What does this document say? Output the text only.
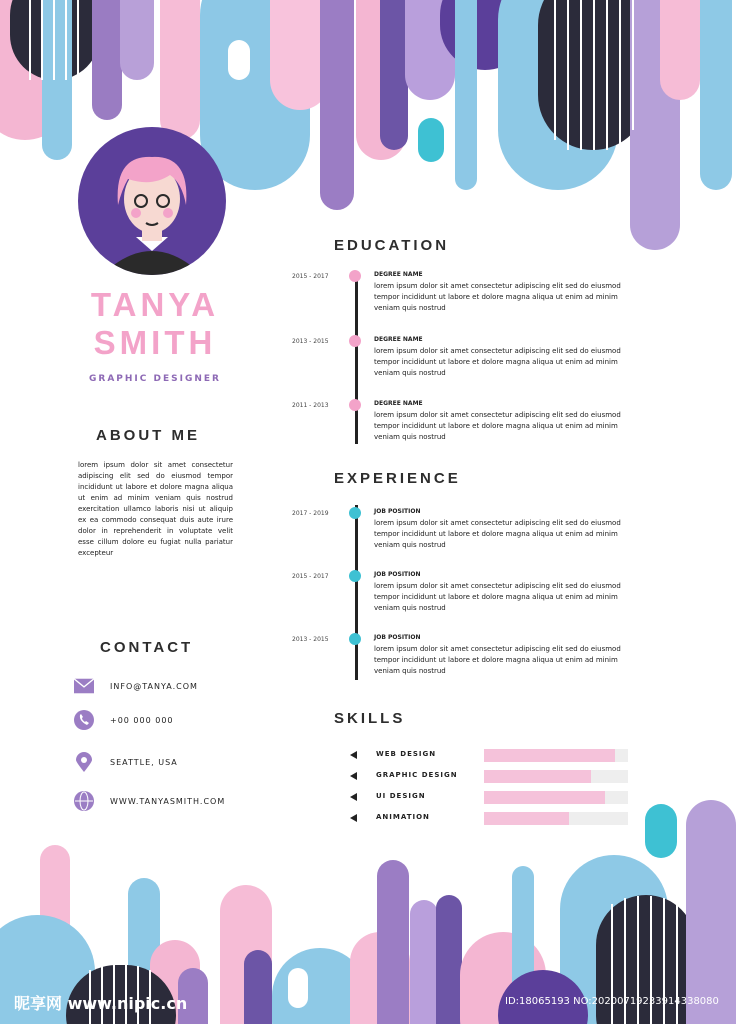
TANYA
SMITH
GRAPHIC DESIGNER
ABOUT ME

lorem ipsum dolor sit amet consectetur adipiscing elit sed do eiusmod tempor incididunt ut labore et dolore magna aliqua ut enim ad minim veniam quis nostrud exercitation ullamco laboris nisi ut aliquip ex ea commodo consequat duis aute irure dolor in reprehenderit in voluptate velit esse cillum dolore eu fugiat nulla pariatur excepteur

CONTACT
INFO@TANYA.COM
+00 000 000
SEATTLE, USA
WWW.TANYASMITH.COM
EDUCATION
2015 - 2017	DEGREE NAME

lorem ipsum dolor sit amet consectetur adipiscing elit sed do eiusmod tempor incididunt ut labore et dolore magna aliqua ut enim ad minim veniam quis nostrud

2013 - 2015	DEGREE NAME

lorem ipsum dolor sit amet consectetur adipiscing elit sed do eiusmod tempor incididunt ut labore et dolore magna aliqua ut enim ad minim veniam quis nostrud

2011 - 2013	DEGREE NAME

lorem ipsum dolor sit amet consectetur adipiscing elit sed do eiusmod tempor incididunt ut labore et dolore magna aliqua ut enim ad minim veniam quis nostrud

EXPERIENCE
2017 - 2019	JOB POSITION

lorem ipsum dolor sit amet consectetur adipiscing elit sed do eiusmod tempor incididunt ut labore et dolore magna aliqua ut enim ad minim veniam quis nostrud

2015 - 2017	JOB POSITION

lorem ipsum dolor sit amet consectetur adipiscing elit sed do eiusmod tempor incididunt ut labore et dolore magna aliqua ut enim ad minim veniam quis nostrud

2013 - 2015	JOB POSITION

lorem ipsum dolor sit amet consectetur adipiscing elit sed do eiusmod tempor incididunt ut labore et dolore magna aliqua ut enim ad minim veniam quis nostrud

SKILLS
WEB DESIGN
GRAPHIC DESIGN
UI DESIGN
ANIMATION
昵享网 www.nipic.cn	ID:18065193 NO:20200719233914338080
